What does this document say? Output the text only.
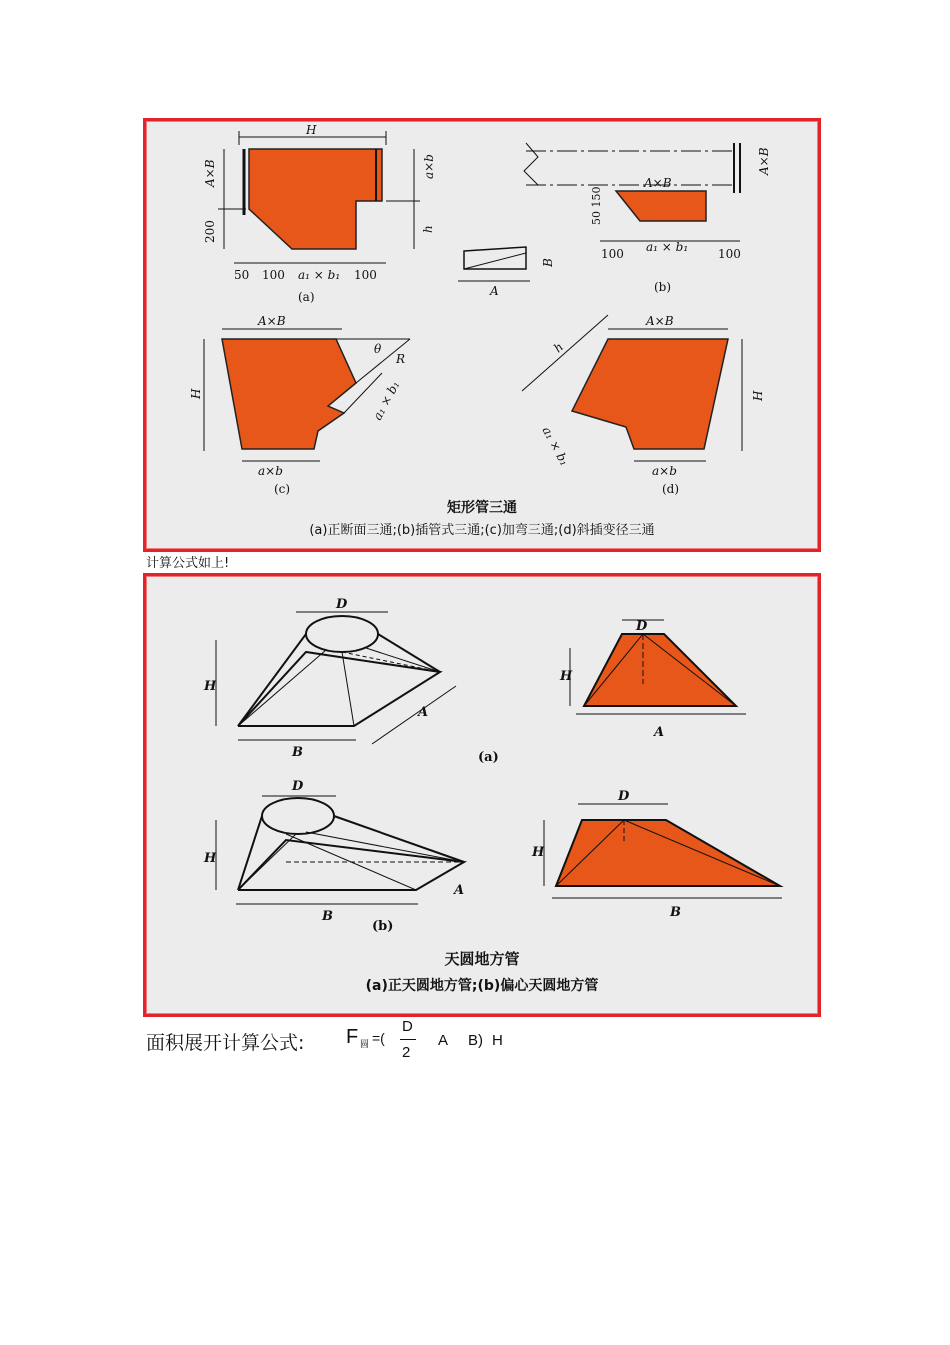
H
A×B
200
a×b
h
50 100 a₁ × b₁ 100
(a)	A
B
A×B
A×B
50 150
100 a₁ × b₁ 100
(b)
A×B
H
θ
R
a₁ × b₁
a×b
(c)
A×B
H
h
a₁ × b₁
a×b
(d)
矩形管三通
(a)正断面三通;(b)插管式三通;(c)加弯三通;(d)斜插变径三通
计算公式如上!
D
H
A
B
D
H
A
(a)
D
H
A
B
D
H
B
(b)
天圆地方管
(a)正天圆地方管;(b)偏心天圆地方管
面积展开计算公式: F 圆 =(
D
2
A B) H
